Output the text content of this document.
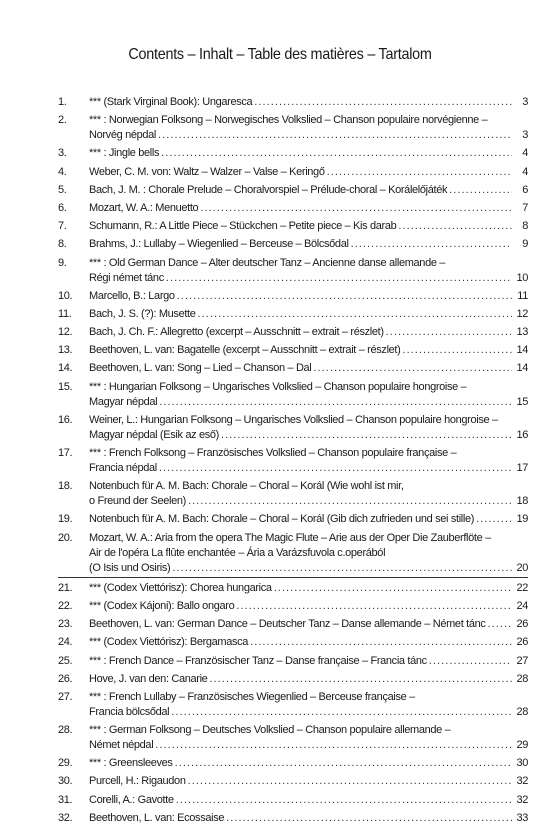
Contents – Inhalt – Table des matières – Tartalom
1.	*** (Stark Virginal Book): Ungaresca . . .	3
2.	*** : Norwegian Folksong – Norwegisches Volkslied – Chanson populaire norvégienne –
Norvég népdal . . .	3
3.	*** : Jingle bells . . .	4
4.	Weber, C. M. von: Waltz – Walzer – Valse – Keringő . . .	4
5.	Bach, J. M. : Chorale Prelude – Choralvorspiel – Prélude-choral – Korálelőjáték . . .	6
6.	Mozart, W. A.: Menuetto . . .	7
7.	Schumann, R.: A Little Piece – Stückchen – Petite piece – Kis darab . . .	8
8.	Brahms, J.: Lullaby – Wiegenlied – Berceuse – Bölcsődal . . .	9
9.	*** : Old German Dance – Alter deutscher Tanz – Ancienne danse allemande –
Régi német tánc . . .	10
10.	Marcello, B.: Largo . . .	11
11.	Bach, J. S. (?): Musette . . .	12
12.	Bach, J. Ch. F.: Allegretto (excerpt – Ausschnitt – extrait – részlet) . . .	13
13.	Beethoven, L. van: Bagatelle (excerpt – Ausschnitt – extrait – részlet) . . .	14
14.	Beethoven, L. van: Song – Lied – Chanson – Dal . . .	14
15.	*** : Hungarian Folksong – Ungarisches Volkslied – Chanson populaire hongroise –
Magyar népdal . . .	15
16.	Weiner, L.: Hungarian Folksong – Ungarisches Volkslied – Chanson populaire hongroise –
Magyar népdal (Esik az eső) . . .	16
17.	*** : French Folksong – Französisches Volkslied – Chanson populaire française –
Francia népdal . . .	17
18.	Notenbuch für A. M. Bach: Chorale – Choral – Korál (Wie wohl ist mir,
o Freund der Seelen) . . .	18
19.	Notenbuch für A. M. Bach: Chorale – Choral – Korál (Gib dich zufrieden und sei stille) . . .	19
20.	Mozart, W. A.: Aria from the opera The Magic Flute – Arie aus der Oper Die Zauberflöte –
Air de l'opéra La flûte enchantée – Ária a Varázsfuvola c.operából
(O Isis und Osiris) . . .	20
21.	*** (Codex Viettórisz): Chorea hungarica . . .	22
22.	*** (Codex Kájoni): Ballo ongaro . . .	24
23.	Beethoven, L. van: German Dance – Deutscher Tanz – Danse allemande – Német tánc . . .	26
24.	*** (Codex Viettórisz): Bergamasca . . .	26
25.	*** : French Dance – Französischer Tanz – Danse française – Francia tánc . . .	27
26.	Hove, J. van den: Canarie . . .	28
27.	*** : French Lullaby – Französisches Wiegenlied – Berceuse française –
Francia bölcsődal . . .	28
28.	*** : German Folksong – Deutsches Volkslied – Chanson populaire allemande –
Német népdal . . .	29
29.	*** : Greensleeves . . .	30
30.	Purcell, H.: Rigaudon . . .	32
31.	Corelli, A.: Gavotte . . .	32
32.	Beethoven, L. van: Ecossaise . . .	33
